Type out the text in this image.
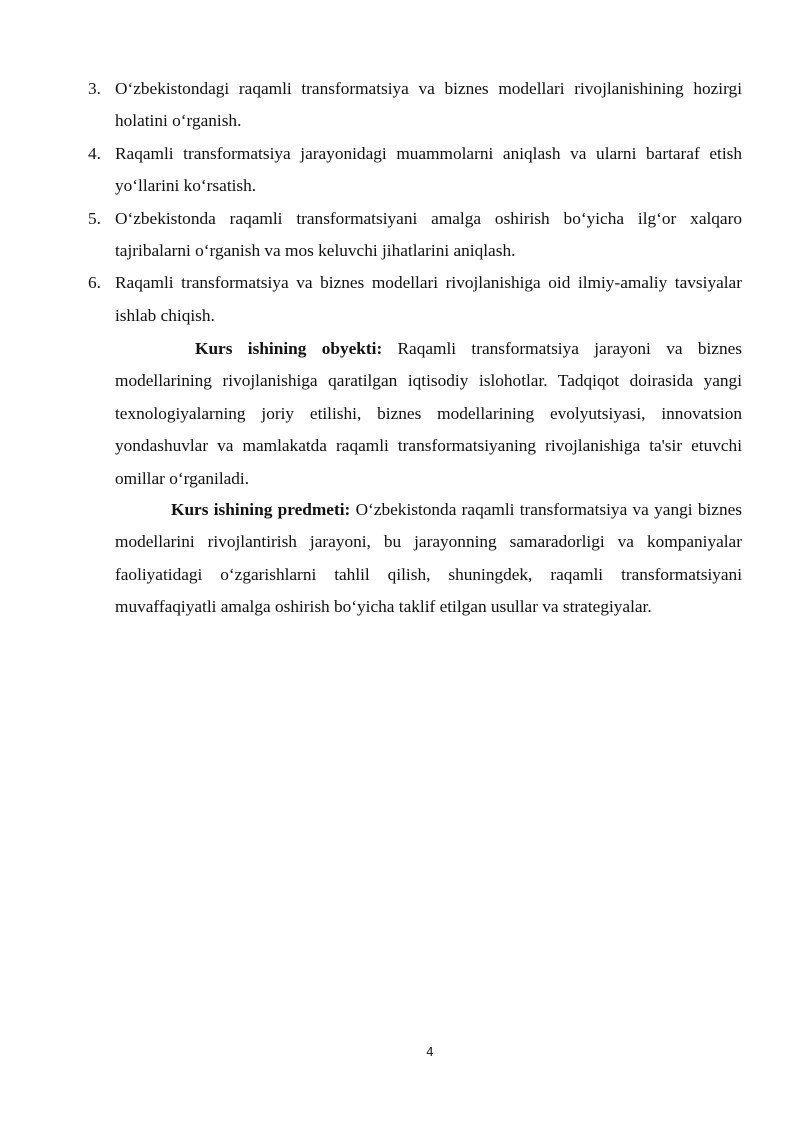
3. O‘zbekistondagi raqamli transformatsiya va biznes modellari rivojlanishining hozirgi holatini o‘rganish.
4. Raqamli transformatsiya jarayonidagi muammolarni aniqlash va ularni bartaraf etish yo‘llarini ko‘rsatish.
5. O‘zbekistonda raqamli transformatsiyani amalga oshirish bo‘yicha ilg‘or xalqaro tajribalarni o‘rganish va mos keluvchi jihatlarini aniqlash.
6. Raqamli transformatsiya va biznes modellari rivojlanishiga oid ilmiy-amaliy tavsiyalar ishlab chiqish.

Kurs ishining obyekti: Raqamli transformatsiya jarayoni va biznes modellarining rivojlanishiga qaratilgan iqtisodiy islohotlar. Tadqiqot doirasida yangi texnologiyalarning joriy etilishi, biznes modellarining evolyutsiyasi, innovatsion yondashuvlar va mamlakatda raqamli transformatsiyaning rivojlanishiga ta'sir etuvchi omillar o‘rganiladi.

Kurs ishining predmeti: O‘zbekistonda raqamli transformatsiya va yangi biznes modellarini rivojlantirish jarayoni, bu jarayonning samaradorligi va kompaniyalar faoliyatidagi o‘zgarishlarni tahlil qilish, shuningdek, raqamli transformatsiyani muvaffaqiyatli amalga oshirish bo‘yicha taklif etilgan usullar va strategiyalar.

4
